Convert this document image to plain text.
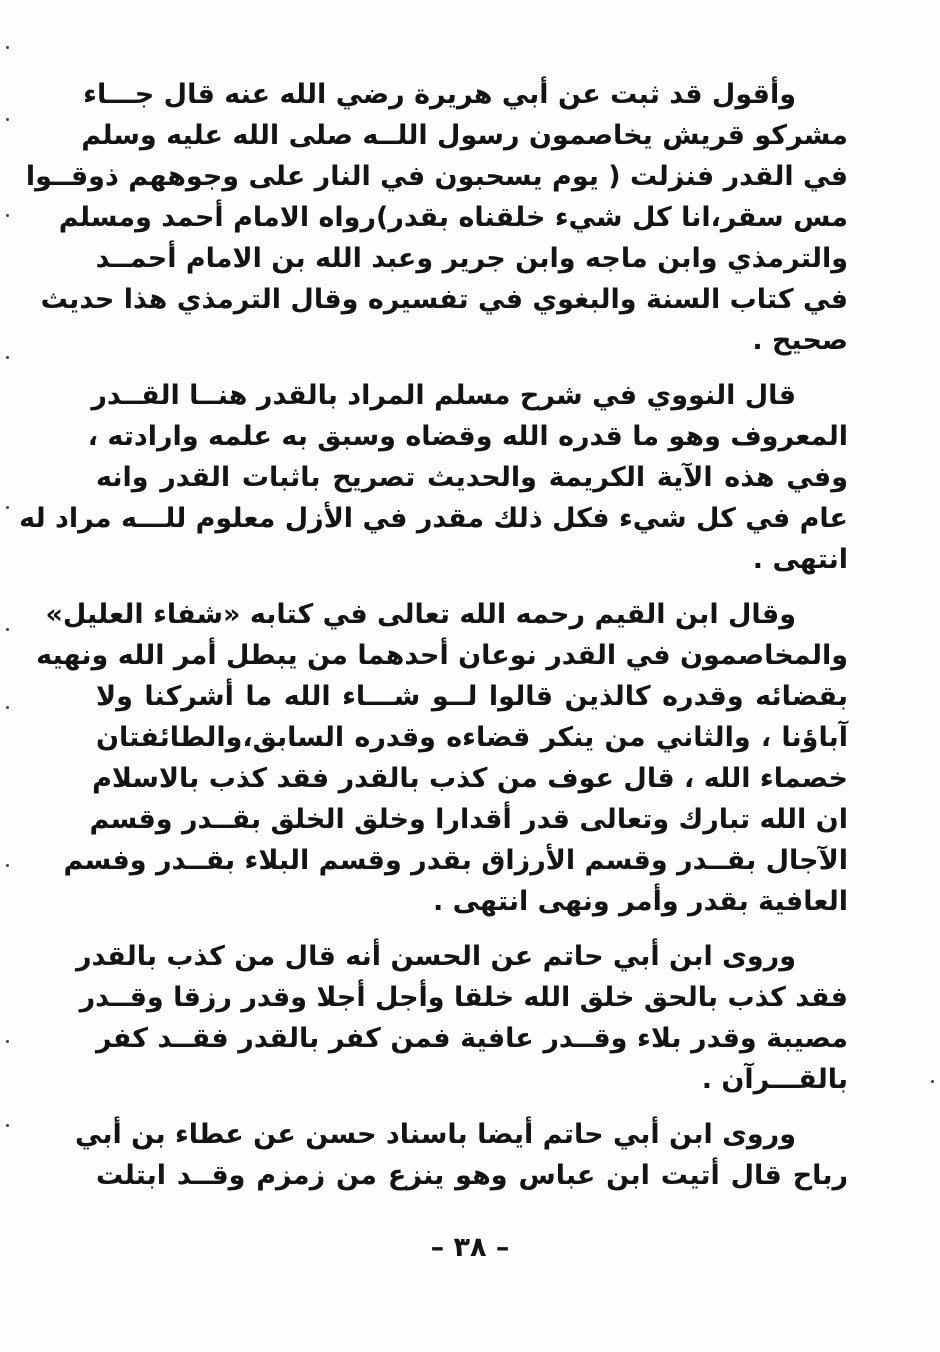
وأقول قد ثبت عن أبي هريرة رضي الله عنه قال جـــاء
مشركو قريش يخاصمون رسول اللــه صلى الله عليه وسلم
في القدر فنزلت ( يوم يسحبون في النار على وجوههم ذوقــوا
مس سقر،انا كل شيء خلقناه بقدر)رواه الامام أحمد ومسلم
والترمذي وابن ماجه وابن جرير وعبد الله بن الامام أحمــد
في كتاب السنة والبغوي في تفسيره وقال الترمذي هذا حديث
صحيح .
قال النووي في شرح مسلم المراد بالقدر هنــا القــدر
المعروف وهو ما قدره الله وقضاه وسبق به علمه وارادته ،
وفي هذه الآية الكريمة والحديث تصريح باثبات القدر وانه
عام في كل شيء فكل ذلك مقدر في الأزل معلوم للـــه مراد له
انتهى .
وقال ابن القيم رحمه الله تعالى في كتابه «شفاء العليل»
والمخاصمون في القدر نوعان أحدهما من يبطل أمر الله ونهيه
بقضائه وقدره كالذين قالوا لــو شـــاء الله ما أشركنا ولا
آباؤنا ، والثاني من ينكر قضاءه وقدره السابق،والطائفتان
خصماء الله ، قال عوف من كذب بالقدر فقد كذب بالاسلام
ان الله تبارك وتعالى قدر أقدارا وخلق الخلق بقــدر وقسم
الآجال بقــدر وقسم الأرزاق بقدر وقسم البلاء بقــدر وفسم
العافية بقدر وأمر ونهى انتهى .
وروى ابن أبي حاتم عن الحسن أنه قال من كذب بالقدر
فقد كذب بالحق خلق الله خلقا وأجل أجلا وقدر رزقا وقــدر
مصيبة وقدر بلاء وقــدر عافية فمن كفر بالقدر فقــد كفر
بالقـــرآن .
وروى ابن أبي حاتم أيضا باسناد حسن عن عطاء بن أبي
رباح قال أتيت ابن عباس وهو ينزع من زمزم وقــد ابتلت
– ٣٨ –
